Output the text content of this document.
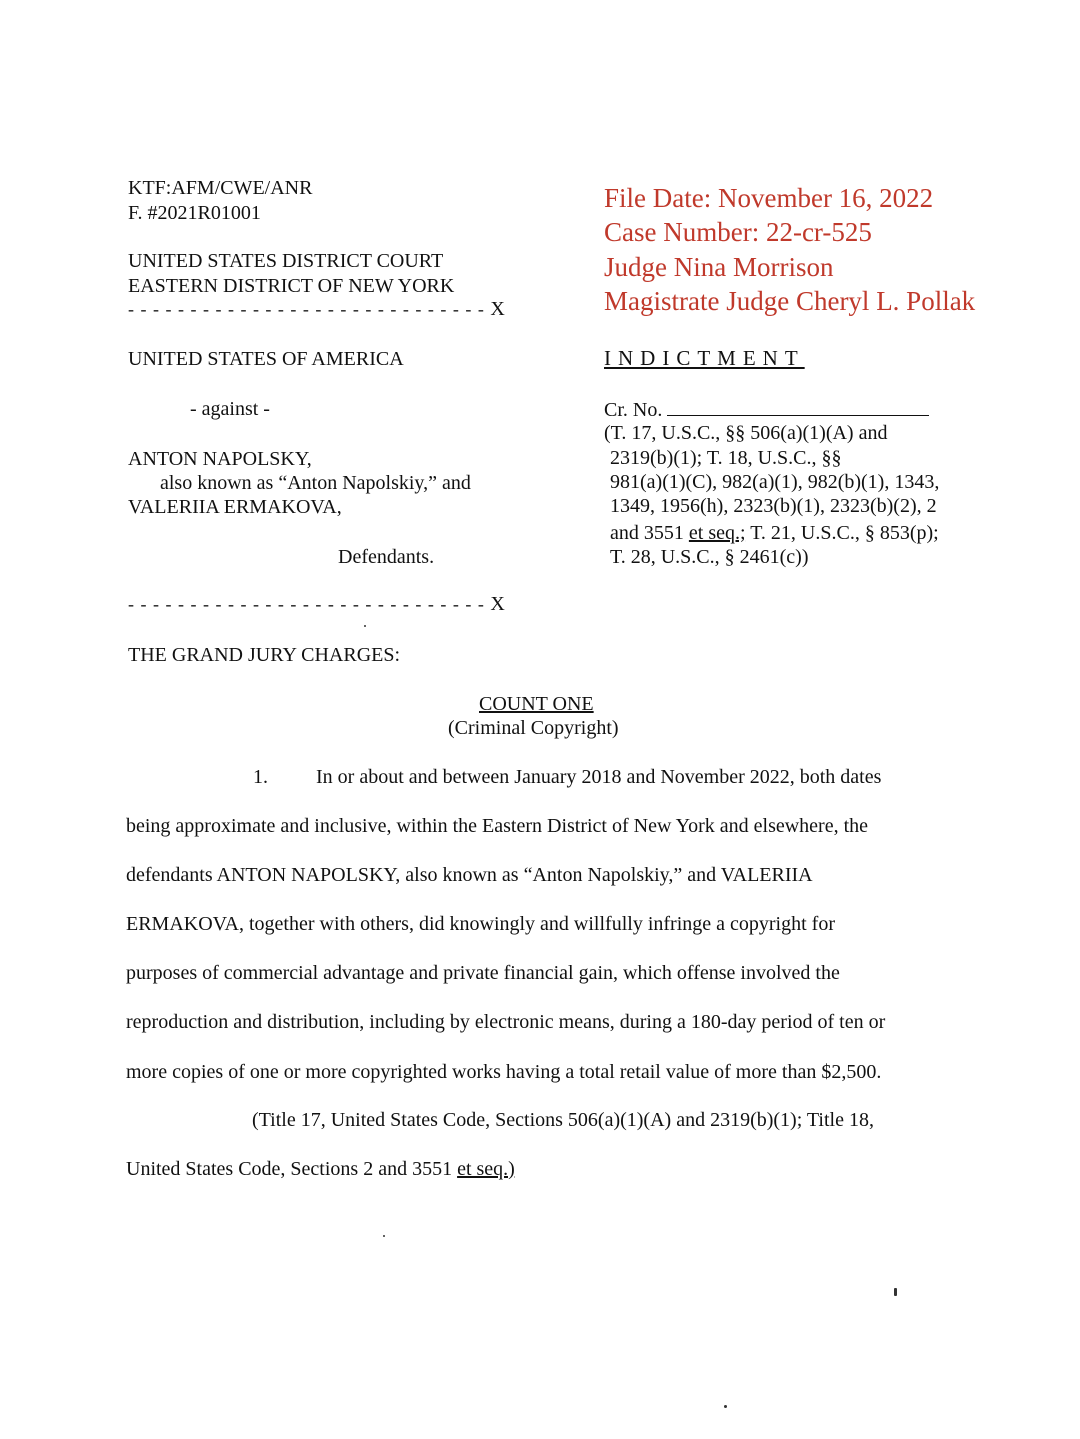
KTF:AFM/CWE/ANR
F. #2021R01001
UNITED STATES DISTRICT COURT
EASTERN DISTRICT OF NEW YORK
- - - - - - - - - - - - - - - - - - - - - - - - - - - - - X
File Date: November 16, 2022
Case Number: 22-cr-525
Judge Nina Morrison
Magistrate Judge Cheryl L. Pollak
UNITED STATES OF AMERICA
- against -
ANTON NAPOLSKY,
also known as “Anton Napolskiy,” and
VALERIIA ERMAKOVA,
Defendants.
INDICTMENT
Cr. No.
(T. 17, U.S.C., §§ 506(a)(1)(A) and
2319(b)(1); T. 18, U.S.C., §§
981(a)(1)(C), 982(a)(1), 982(b)(1), 1343,
1349, 1956(h), 2323(b)(1), 2323(b)(2), 2
and 3551 et seq.; T. 21, U.S.C., § 853(p);
T. 28, U.S.C., § 2461(c))
- - - - - - - - - - - - - - - - - - - - - - - - - - - - - X
THE GRAND JURY CHARGES:
COUNT ONE
(Criminal Copyright)
1. In or about and between January 2018 and November 2022, both dates
being approximate and inclusive, within the Eastern District of New York and elsewhere, the
defendants ANTON NAPOLSKY, also known as “Anton Napolskiy,” and VALERIIA
ERMAKOVA, together with others, did knowingly and willfully infringe a copyright for
purposes of commercial advantage and private financial gain, which offense involved the
reproduction and distribution, including by electronic means, during a 180-day period of ten or
more copies of one or more copyrighted works having a total retail value of more than $2,500.
(Title 17, United States Code, Sections 506(a)(1)(A) and 2319(b)(1); Title 18,
United States Code, Sections 2 and 3551 et seq.)
